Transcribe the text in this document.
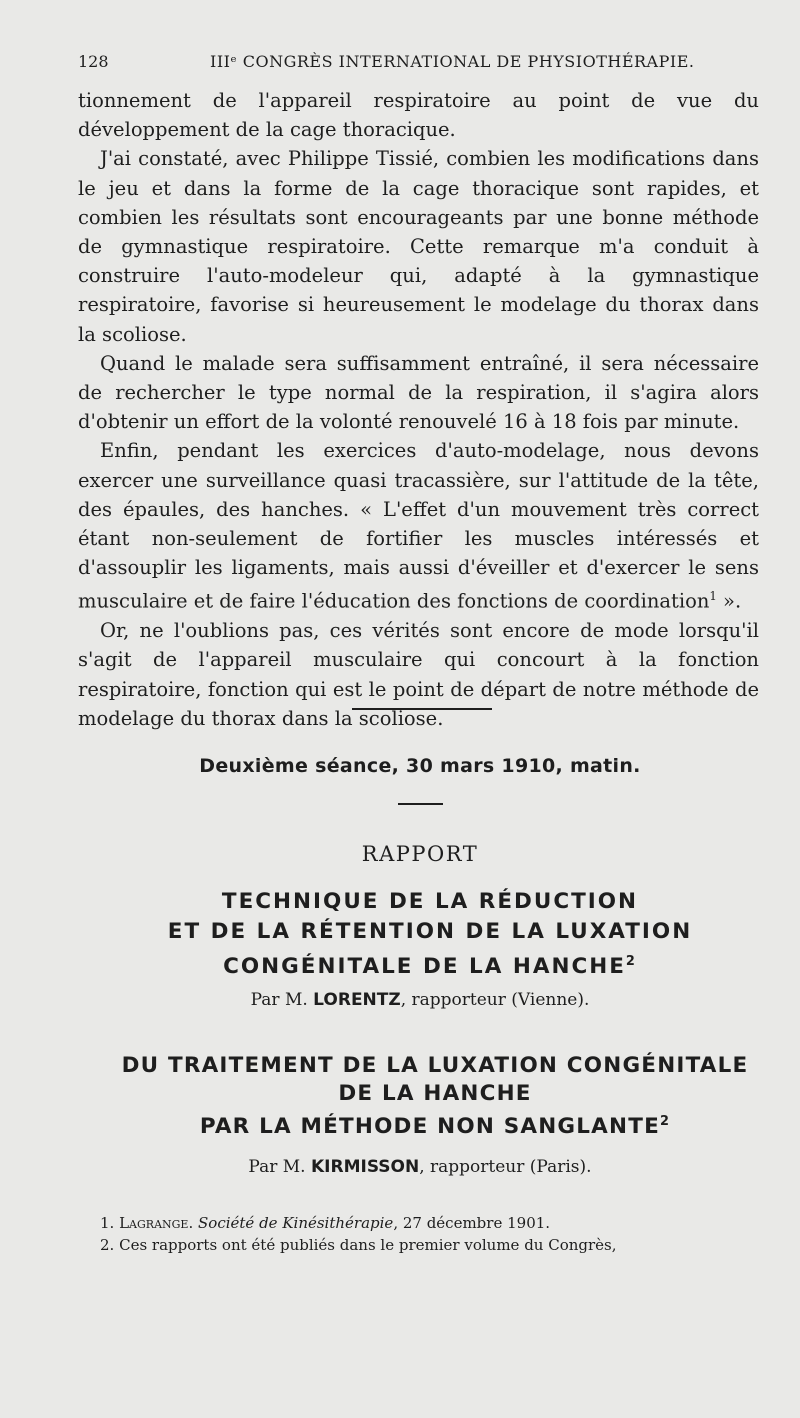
128	IIIᵉ CONGRÈS INTERNATIONAL DE PHYSIOTHÉRAPIE.

tionnement de l'appareil respiratoire au point de vue du développement de la cage thoracique.

J'ai constaté, avec Philippe Tissié, combien les modifications dans le jeu et dans la forme de la cage thoracique sont rapides, et combien les résultats sont encourageants par une bonne méthode de gymnastique respiratoire. Cette remarque m'a conduit à construire l'auto-modeleur qui, adapté à la gymnastique respiratoire, favorise si heureusement le modelage du thorax dans la scoliose.

Quand le malade sera suffisamment entraîné, il sera nécessaire de rechercher le type normal de la respiration, il s'agira alors d'obtenir un effort de la volonté renouvelé 16 à 18 fois par minute.

Enfin, pendant les exercices d'auto-modelage, nous devons exercer une surveillance quasi tracassière, sur l'attitude de la tête, des épaules, des hanches. « L'effet d'un mouvement très correct étant non-seulement de fortifier les muscles intéressés et d'assouplir les ligaments, mais aussi d'éveiller et d'exercer le sens musculaire et de faire l'éducation des fonctions de coordination$^1$ ».

Or, ne l'oublions pas, ces vérités sont encore de mode lorsqu'il s'agit de l'appareil musculaire qui concourt à la fonction respiratoire, fonction qui est le point de départ de notre méthode de modelage du thorax dans la scoliose.

Deuxième séance, 30 mars 1910, matin.
RAPPORT
TECHNIQUE DE LA RÉDUCTION
ET DE LA RÉTENTION DE LA LUXATION
CONGÉNITALE DE LA HANCHE$^2$
Par M. LORENTZ, rapporteur (Vienne).
DU TRAITEMENT DE LA LUXATION CONGÉNITALE
DE LA HANCHE
PAR LA MÉTHODE NON SANGLANTE$^2$
Par M. KIRMISSON, rapporteur (Paris).

1. Lagrange. Société de Kinésithérapie, 27 décembre 1901.

2. Ces rapports ont été publiés dans le premier volume du Congrès,
